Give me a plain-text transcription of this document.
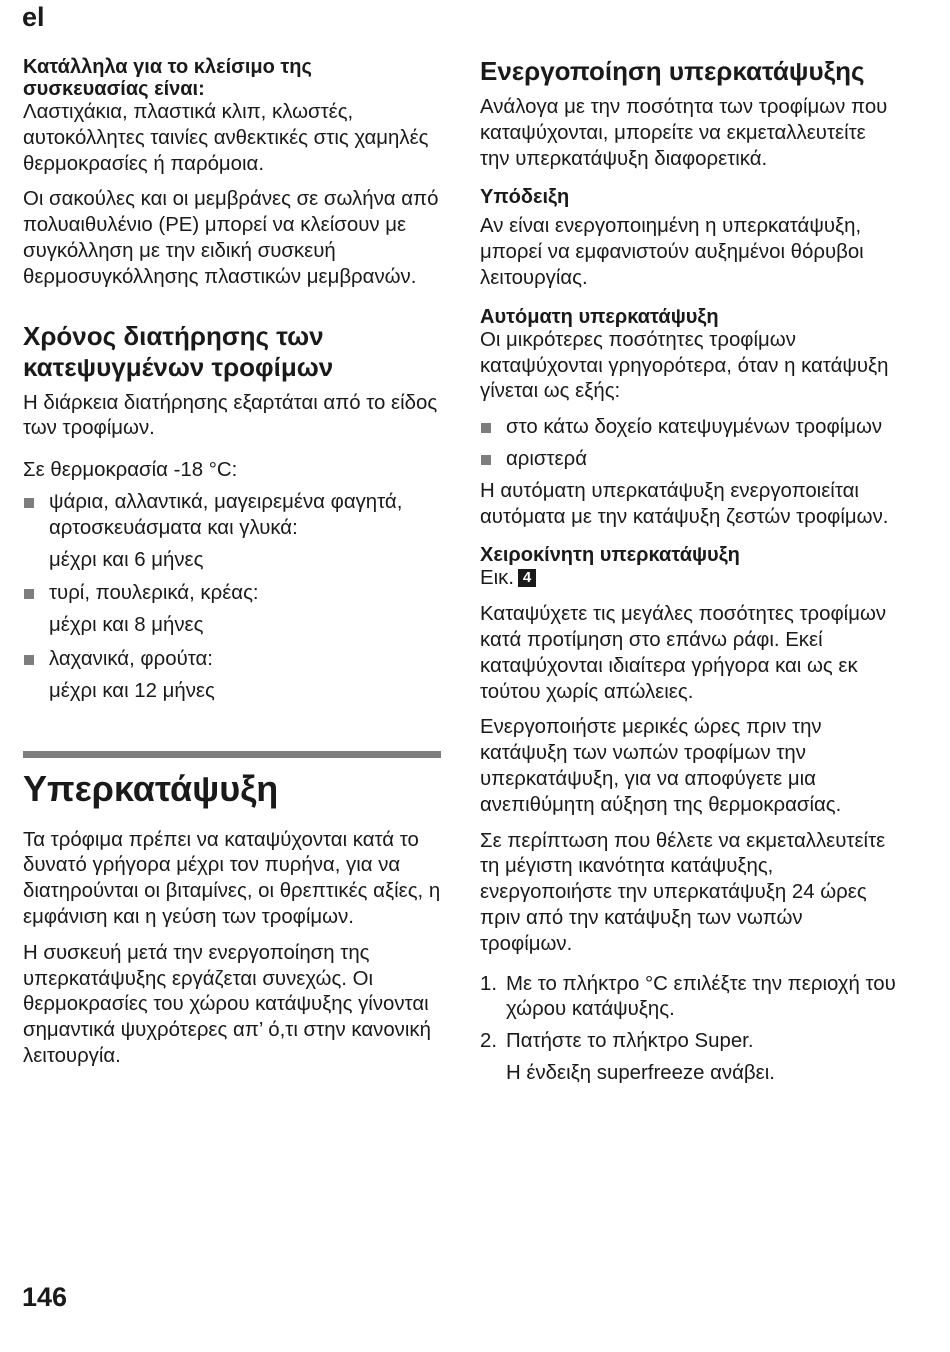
el
Κατάλληλα για το κλείσιμο της συσκευασίας είναι:

Λαστιχάκια, πλαστικά κλιπ, κλωστές, αυτοκόλλητες ταινίες ανθεκτικές στις χαμηλές θερμοκρασίες ή παρόμοια.

Οι σακούλες και οι μεμβράνες σε σωλήνα από πολυαιθυλένιο (PE) μπορεί να κλείσουν με συγκόλληση με την ειδική συσκευή θερμοσυγκόλλησης πλαστικών μεμβρανών.

Χρόνος διατήρησης των κατεψυγμένων τροφίμων

Η διάρκεια διατήρησης εξαρτάται από το είδος των τροφίμων.

Σε θερμοκρασία -18 °C:

ψάρια, αλλαντικά, μαγειρεμένα φαγητά, αρτοσκευάσματα και γλυκά:

μέχρι και 6 μήνες

τυρί, πουλερικά, κρέας:

μέχρι και 8 μήνες

λαχανικά, φρούτα:

μέχρι και 12 μήνες

Υπερκατάψυξη

Τα τρόφιμα πρέπει να καταψύχονται κατά το δυνατό γρήγορα μέχρι τον πυρήνα, για να διατηρούνται οι βιταμίνες, οι θρεπτικές αξίες, η εμφάνιση και η γεύση των τροφίμων.

Η συσκευή μετά την ενεργοποίηση της υπερκατάψυξης εργάζεται συνεχώς. Οι θερμοκρασίες του χώρου κατάψυξης γίνονται σημαντικά ψυχρότερες απ’ ό,τι στην κανονική λειτουργία.

Ενεργοποίηση υπερκατάψυξης

Ανάλογα με την ποσότητα των τροφίμων που καταψύχονται, μπορείτε να εκμεταλλευτείτε την υπερκατάψυξη διαφορετικά.

Υπόδειξη

Αν είναι ενεργοποιημένη η υπερκατάψυξη, μπορεί να εμφανιστούν αυξημένοι θόρυβοι λειτουργίας.

Αυτόματη υπερκατάψυξη

Οι μικρότερες ποσότητες τροφίμων καταψύχονται γρηγορότερα, όταν η κατάψυξη γίνεται ως εξής:

στο κάτω δοχείο κατεψυγμένων τροφίμων
αριστερά

Η αυτόματη υπερκατάψυξη ενεργοποιείται αυτόματα με την κατάψυξη ζεστών τροφίμων.

Χειροκίνητη υπερκατάψυξη

Εικ. 4

Καταψύχετε τις μεγάλες ποσότητες τροφίμων κατά προτίμηση στο επάνω ράφι. Εκεί καταψύχονται ιδιαίτερα γρήγορα και ως εκ τούτου χωρίς απώλειες.

Ενεργοποιήστε μερικές ώρες πριν την κατάψυξη των νωπών τροφίμων την υπερκατάψυξη, για να αποφύγετε μια ανεπιθύμητη αύξηση της θερμοκρασίας.

Σε περίπτωση που θέλετε να εκμεταλλευτείτε τη μέγιστη ικανότητα κατάψυξης, ενεργοποιήστε την υπερκατάψυξη 24 ώρες πριν από την κατάψυξη των νωπών τροφίμων.

1. Με το πλήκτρο °C επιλέξτε την περιοχή του χώρου κατάψυξης.
2. Πατήστε το πλήκτρο Super.

Η ένδειξη superfreeze ανάβει.

146
